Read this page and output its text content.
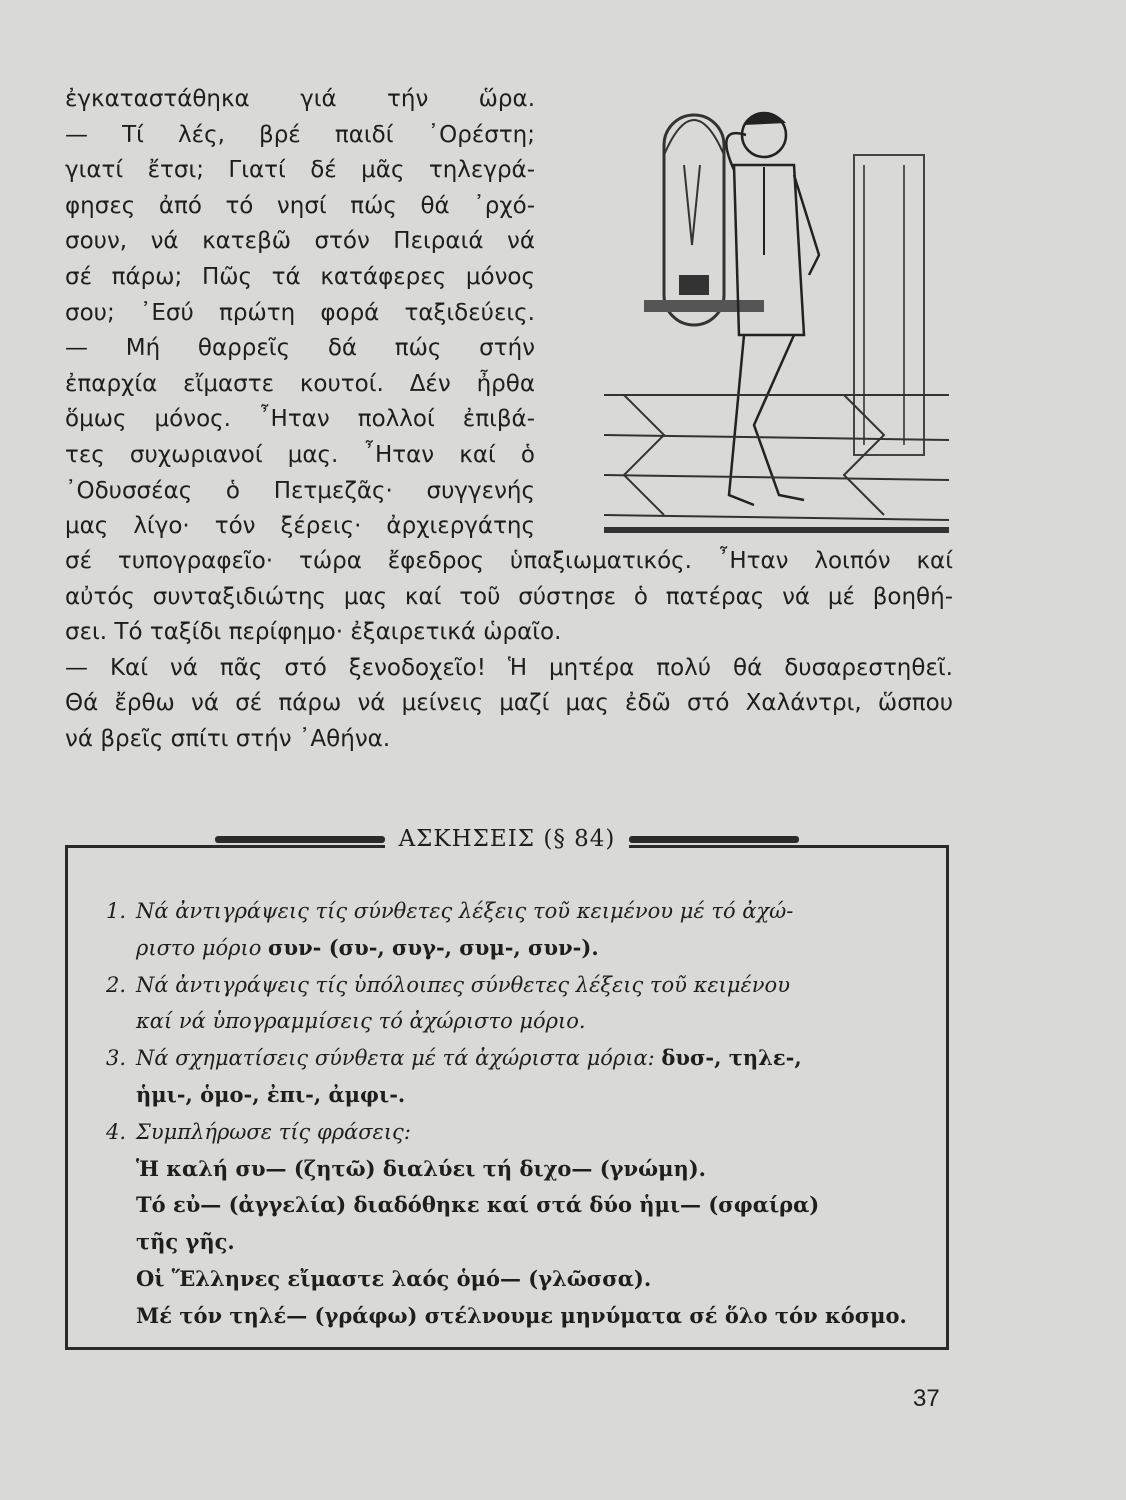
ἐγκαταστάθηκα γιά τήν ὥρα.
— Τί λές, βρέ παιδί ᾿Ορέστη;
γιατί ἔτσι; Γιατί δέ μᾶς τηλεγρά-
φησες ἀπό τό νησί πώς θά ᾿ρχό-
σουν, νά κατεβῶ στόν Πειραιά νά
σέ πάρω; Πῶς τά κατάφερες μόνος
σου; ᾿Εσύ πρώτη φορά ταξιδεύεις.
— Μή θαρρεῖς δά πώς στήν
ἐπαρχία εἴμαστε κουτοί. Δέν ἦρθα
ὅμως μόνος. ῏Ηταν πολλοί ἐπιβά-
τες συχωριανοί μας. ῏Ηταν καί ὁ
᾿Οδυσσέας ὁ Πετμεζᾶς· συγγενής
μας λίγο· τόν ξέρεις· ἀρχιεργάτης
σέ τυπογραφεῖο· τώρα ἔφεδρος ὑπαξιωματικός. ῏Ηταν λοιπόν καί
αὐτός συνταξιδιώτης μας καί τοῦ σύστησε ὁ πατέρας νά μέ βοηθή-
σει. Τό ταξίδι περίφημο· ἐξαιρετικά ὡραῖο.
— Καί νά πᾶς στό ξενοδοχεῖο! Ἡ μητέρα πολύ θά δυσαρεστηθεῖ.
Θά ἔρθω νά σέ πάρω νά μείνεις μαζί μας ἐδῶ στό Χαλάντρι, ὥσπου
νά βρεῖς σπίτι στήν ᾿Αθήνα.
ΑΣΚΗΣΕΙΣ (§ 84)
1. Νά ἀντιγράψεις τίς σύνθετες λέξεις τοῦ κειμένου μέ τό ἀχώ-
ριστο μόριο συν- (συ-, συγ-, συμ-, συν-).
2. Νά ἀντιγράψεις τίς ὑπόλοιπες σύνθετες λέξεις τοῦ κειμένου
καί νά ὑπογραμμίσεις τό ἀχώριστο μόριο.
3. Νά σχηματίσεις σύνθετα μέ τά ἀχώριστα μόρια: δυσ-, τηλε-,
ἡμι-, ὁμο-, ἐπι-, ἀμφι-.
4. Συμπλήρωσε τίς φράσεις:
Ἡ καλή συ— (ζητῶ) διαλύει τή διχο— (γνώμη).
Τό εὐ— (ἀγγελία) διαδόθηκε καί στά δύο ἡμι— (σφαίρα)
τῆς γῆς.
Οἱ Ἕλληνες εἴμαστε λαός ὁμό— (γλῶσσα).
Μέ τόν τηλέ— (γράφω) στέλνουμε μηνύματα σέ ὅλο τόν κόσμο.
37
